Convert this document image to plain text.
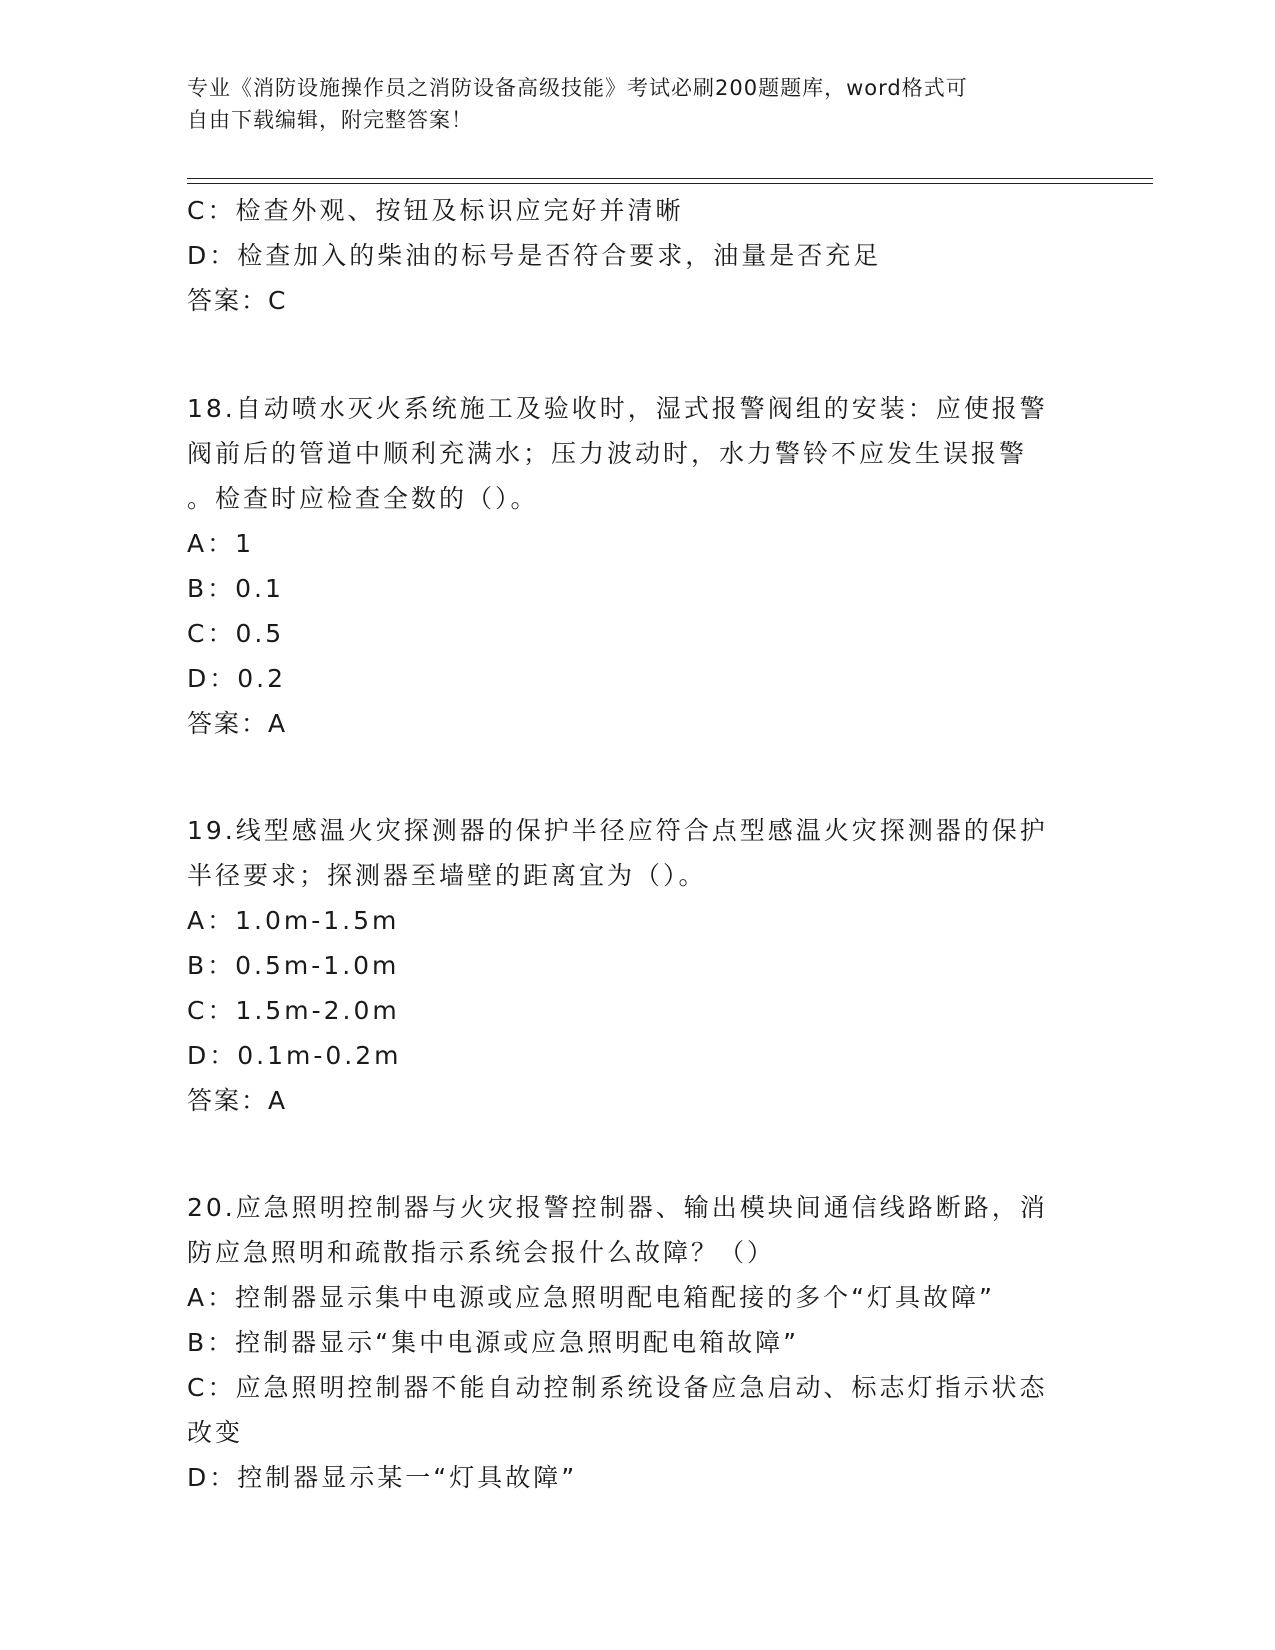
专业《消防设施操作员之消防设备高级技能》考试必刷200题题库，word格式可
自由下载编辑，附完整答案！
C：检查外观、按钮及标识应完好并清晰
D：检查加入的柴油的标号是否符合要求，油量是否充足
答案：C
18.自动喷水灭火系统施工及验收时，湿式报警阀组的安装：应使报警
阀前后的管道中顺利充满水；压力波动时，水力警铃不应发生误报警
。检查时应检查全数的（）。
A：1
B：0.1
C：0.5
D：0.2
答案：A
19.线型感温火灾探测器的保护半径应符合点型感温火灾探测器的保护
半径要求；探测器至墙壁的距离宜为（）。
A：1.0m-1.5m
B：0.5m-1.0m
C：1.5m-2.0m
D：0.1m-0.2m
答案：A
20.应急照明控制器与火灾报警控制器、输出模块间通信线路断路，消
防应急照明和疏散指示系统会报什么故障？（）
A：控制器显示集中电源或应急照明配电箱配接的多个“灯具故障”
B：控制器显示“集中电源或应急照明配电箱故障”
C：应急照明控制器不能自动控制系统设备应急启动、标志灯指示状态
改变
D：控制器显示某一“灯具故障”
